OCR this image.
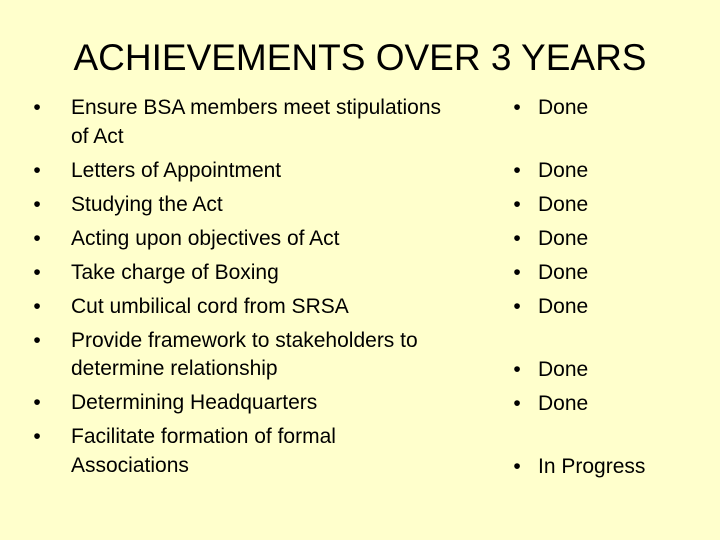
ACHIEVEMENTS OVER 3 YEARS
• Ensure BSA members meet stipulations of Act
• Letters of Appointment
• Studying the Act
• Acting upon objectives of Act
• Take charge of Boxing
• Cut umbilical cord from SRSA
• Provide framework to stakeholders to determine relationship
• Determining Headquarters
• Facilitate formation of formal Associations
• Done
• Done
• Done
• Done
• Done
• Done
• Done
• Done
• In Progress
